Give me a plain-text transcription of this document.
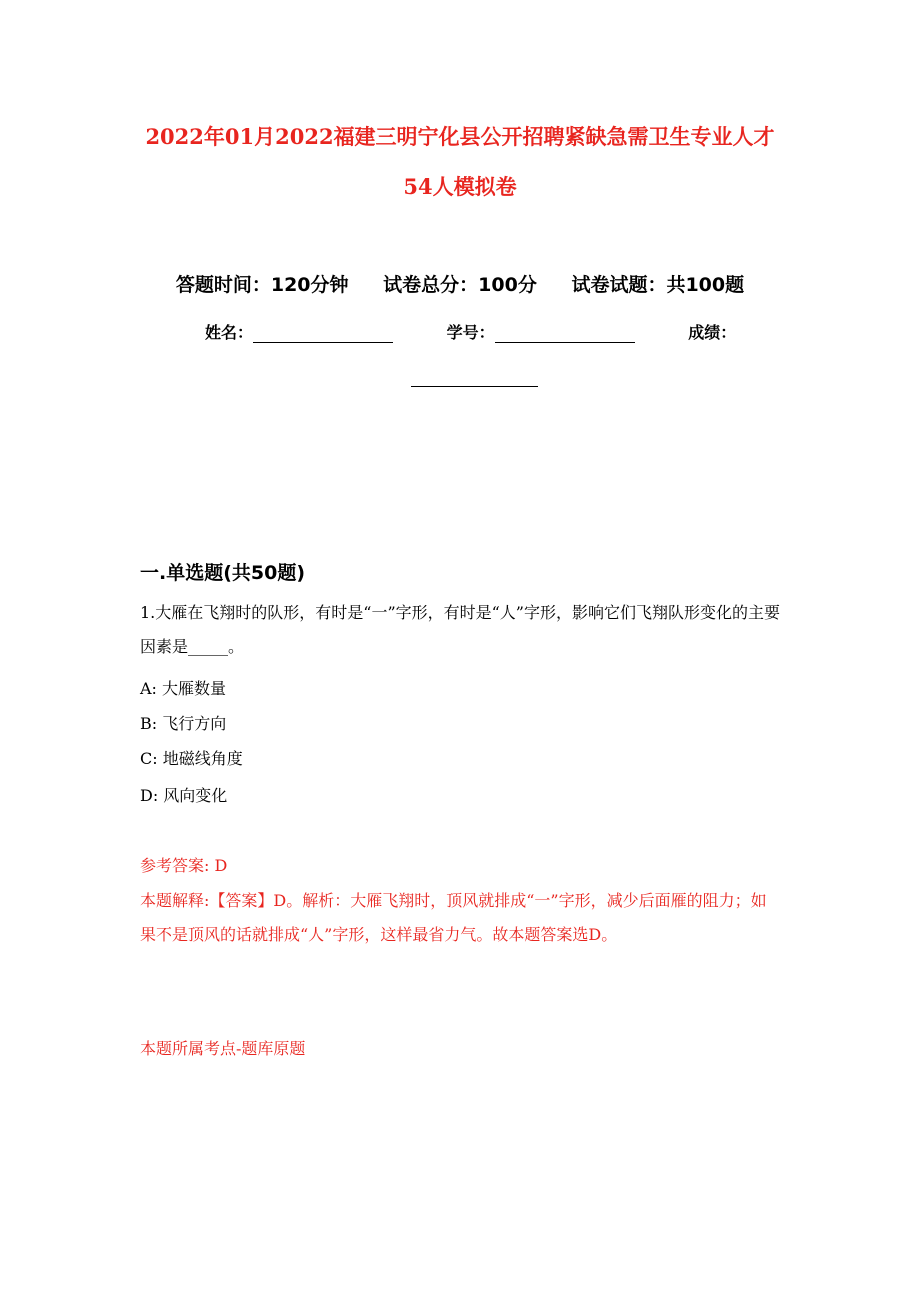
2022年01月2022福建三明宁化县公开招聘紧缺急需卫生专业人才
54人模拟卷
答题时间：120分钟 试卷总分：100分 试卷试题：共100题
姓名：	学号：	成绩：
一.单选题(共50题)
1.大雁在飞翔时的队形，有时是“一”字形，有时是“人”字形，影响它们飞翔队形变化的主要因素是_____。
A: 大雁数量
B: 飞行方向
C: 地磁线角度
D: 风向变化
参考答案: D
本题解释:【答案】D。解析：大雁飞翔时，顶风就排成“一”字形，减少后面雁的阻力；如果不是顶风的话就排成“人”字形，这样最省力气。故本题答案选D。
本题所属考点-题库原题
